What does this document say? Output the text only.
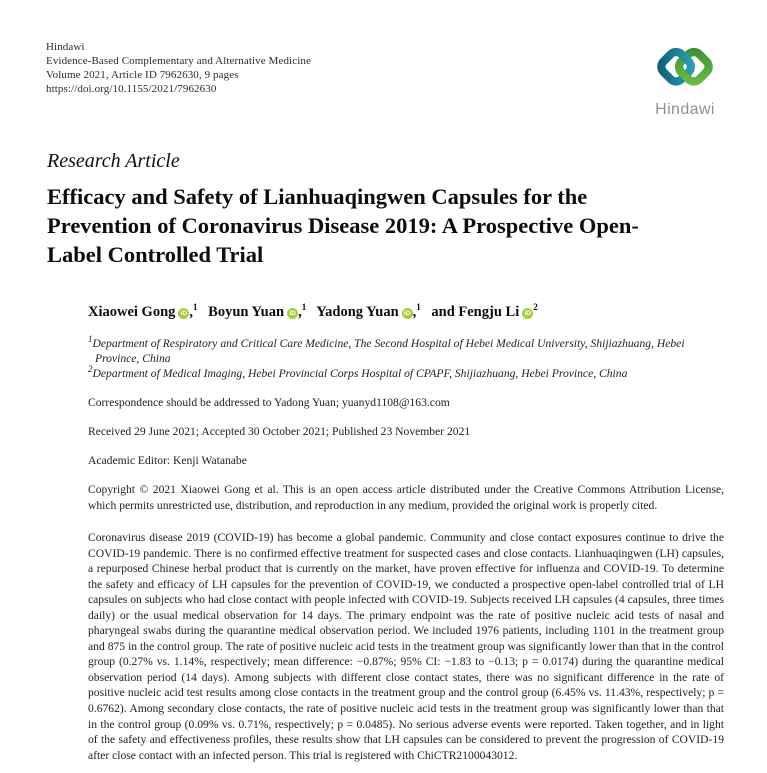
Hindawi
Evidence-Based Complementary and Alternative Medicine
Volume 2021, Article ID 7962630, 9 pages
https://doi.org/10.1155/2021/7962630
Hindawi
Research Article
Efficacy and Safety of Lianhuaqingwen Capsules for the Prevention of Coronavirus Disease 2019: A Prospective Open-Label Controlled Trial
Xiaowei Gong iD ,$^1$ Boyun Yuan iD ,$^1$ Yadong Yuan iD ,$^1$ and Fengju Li $iD^2$
$^1$Department of Respiratory and Critical Care Medicine, The Second Hospital of Hebei Medical University, Shijiazhuang, Hebei Province, China
$^2$Department of Medical Imaging, Hebei Provincial Corps Hospital of CPAPF, Shijiazhuang, Hebei Province, China

Correspondence should be addressed to Yadong Yuan; yuanyd1108@163.com

Received 29 June 2021; Accepted 30 October 2021; Published 23 November 2021

Academic Editor: Kenji Watanabe

Copyright © 2021 Xiaowei Gong et al. This is an open access article distributed under the Creative Commons Attribution License, which permits unrestricted use, distribution, and reproduction in any medium, provided the original work is properly cited.

Coronavirus disease 2019 (COVID-19) has become a global pandemic. Community and close contact exposures continue to drive the COVID-19 pandemic. There is no confirmed effective treatment for suspected cases and close contacts. Lianhuaqingwen (LH) capsules, a repurposed Chinese herbal product that is currently on the market, have proven effective for influenza and COVID-19. To determine the safety and efficacy of LH capsules for the prevention of COVID-19, we conducted a prospective open-label controlled trial of LH capsules on subjects who had close contact with people infected with COVID-19. Subjects received LH capsules (4 capsules, three times daily) or the usual medical observation for 14 days. The primary endpoint was the rate of positive nucleic acid tests of nasal and pharyngeal swabs during the quarantine medical observation period. We included 1976 patients, including 1101 in the treatment group and 875 in the control group. The rate of positive nucleic acid tests in the treatment group was significantly lower than that in the control group (0.27% vs. 1.14%, respectively; mean difference: −0.87%; 95% CI: −1.83 to −0.13; p = 0.0174) during the quarantine medical observation period (14 days). Among subjects with different close contact states, there was no significant difference in the rate of positive nucleic acid test results among close contacts in the treatment group and the control group (6.45% vs. 11.43%, respectively; p = 0.6762). Among secondary close contacts, the rate of positive nucleic acid tests in the treatment group was significantly lower than that in the control group (0.09% vs. 0.71%, respectively; p = 0.0485). No serious adverse events were reported. Taken together, and in light of the safety and effectiveness profiles, these results show that LH capsules can be considered to prevent the progression of COVID-19 after close contact with an infected person. This trial is registered with ChiCTR2100043012.
